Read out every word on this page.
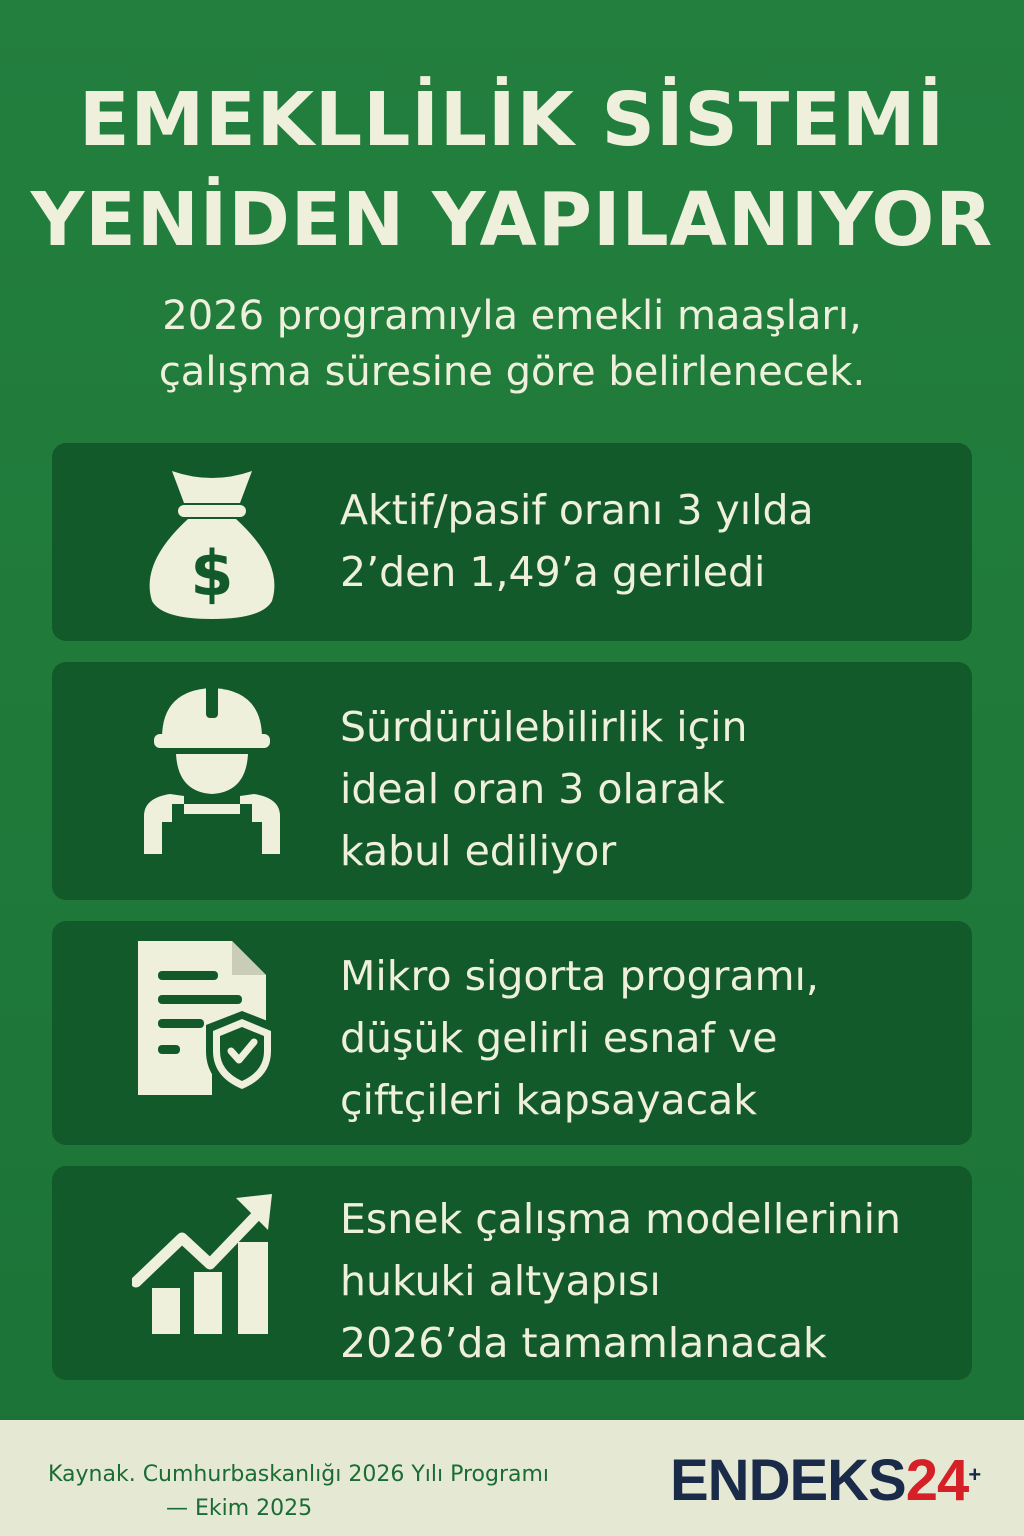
EMEKLLİLİK SİSTEMİ
YENİDEN YAPILANIYOR
2026 programıyla emekli maaşları,
çalışma süresine göre belirlenecek.
$
Aktif/pasif oranı 3 yılda
2’den 1,49’a geriledi
Sürdürülebilirlik için
ideal oran 3 olarak
kabul ediliyor
Mikro sigorta programı,
düşük gelirli esnaf ve
çiftçileri kapsayacak
Esnek çalışma modellerinin
hukuki altyapısı
2026’da tamamlanacak
Kaynak. Cumhurbaskanlığı 2026 Yılı Programı
— Ekim 2025	ENDEKS24 +
